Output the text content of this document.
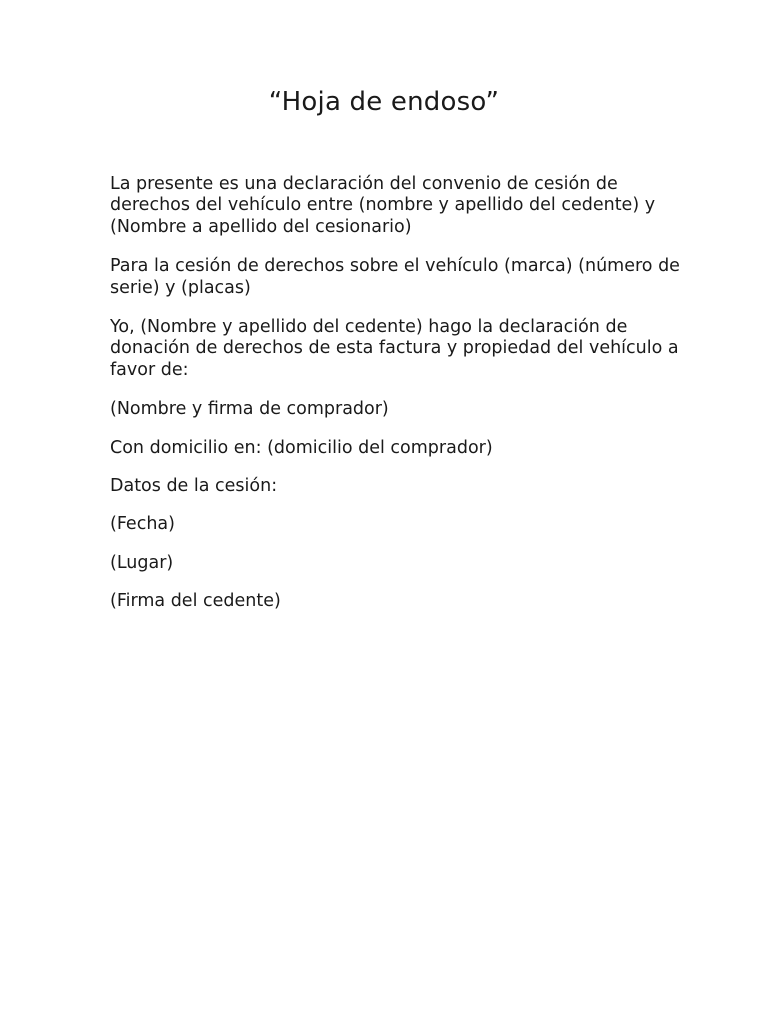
“Hoja de endoso”

La presente es una declaración del convenio de cesión de derechos del vehículo entre (nombre y apellido del cedente) y (Nombre a apellido del cesionario)

Para la cesión de derechos sobre el vehículo (marca) (número de serie) y (placas)

Yo, (Nombre y apellido del cedente) hago la declaración de donación de derechos de esta factura y propiedad del vehículo a favor de:

(Nombre y firma de comprador)

Con domicilio en: (domicilio del comprador)

Datos de la cesión:

(Fecha)

(Lugar)

(Firma del cedente)
